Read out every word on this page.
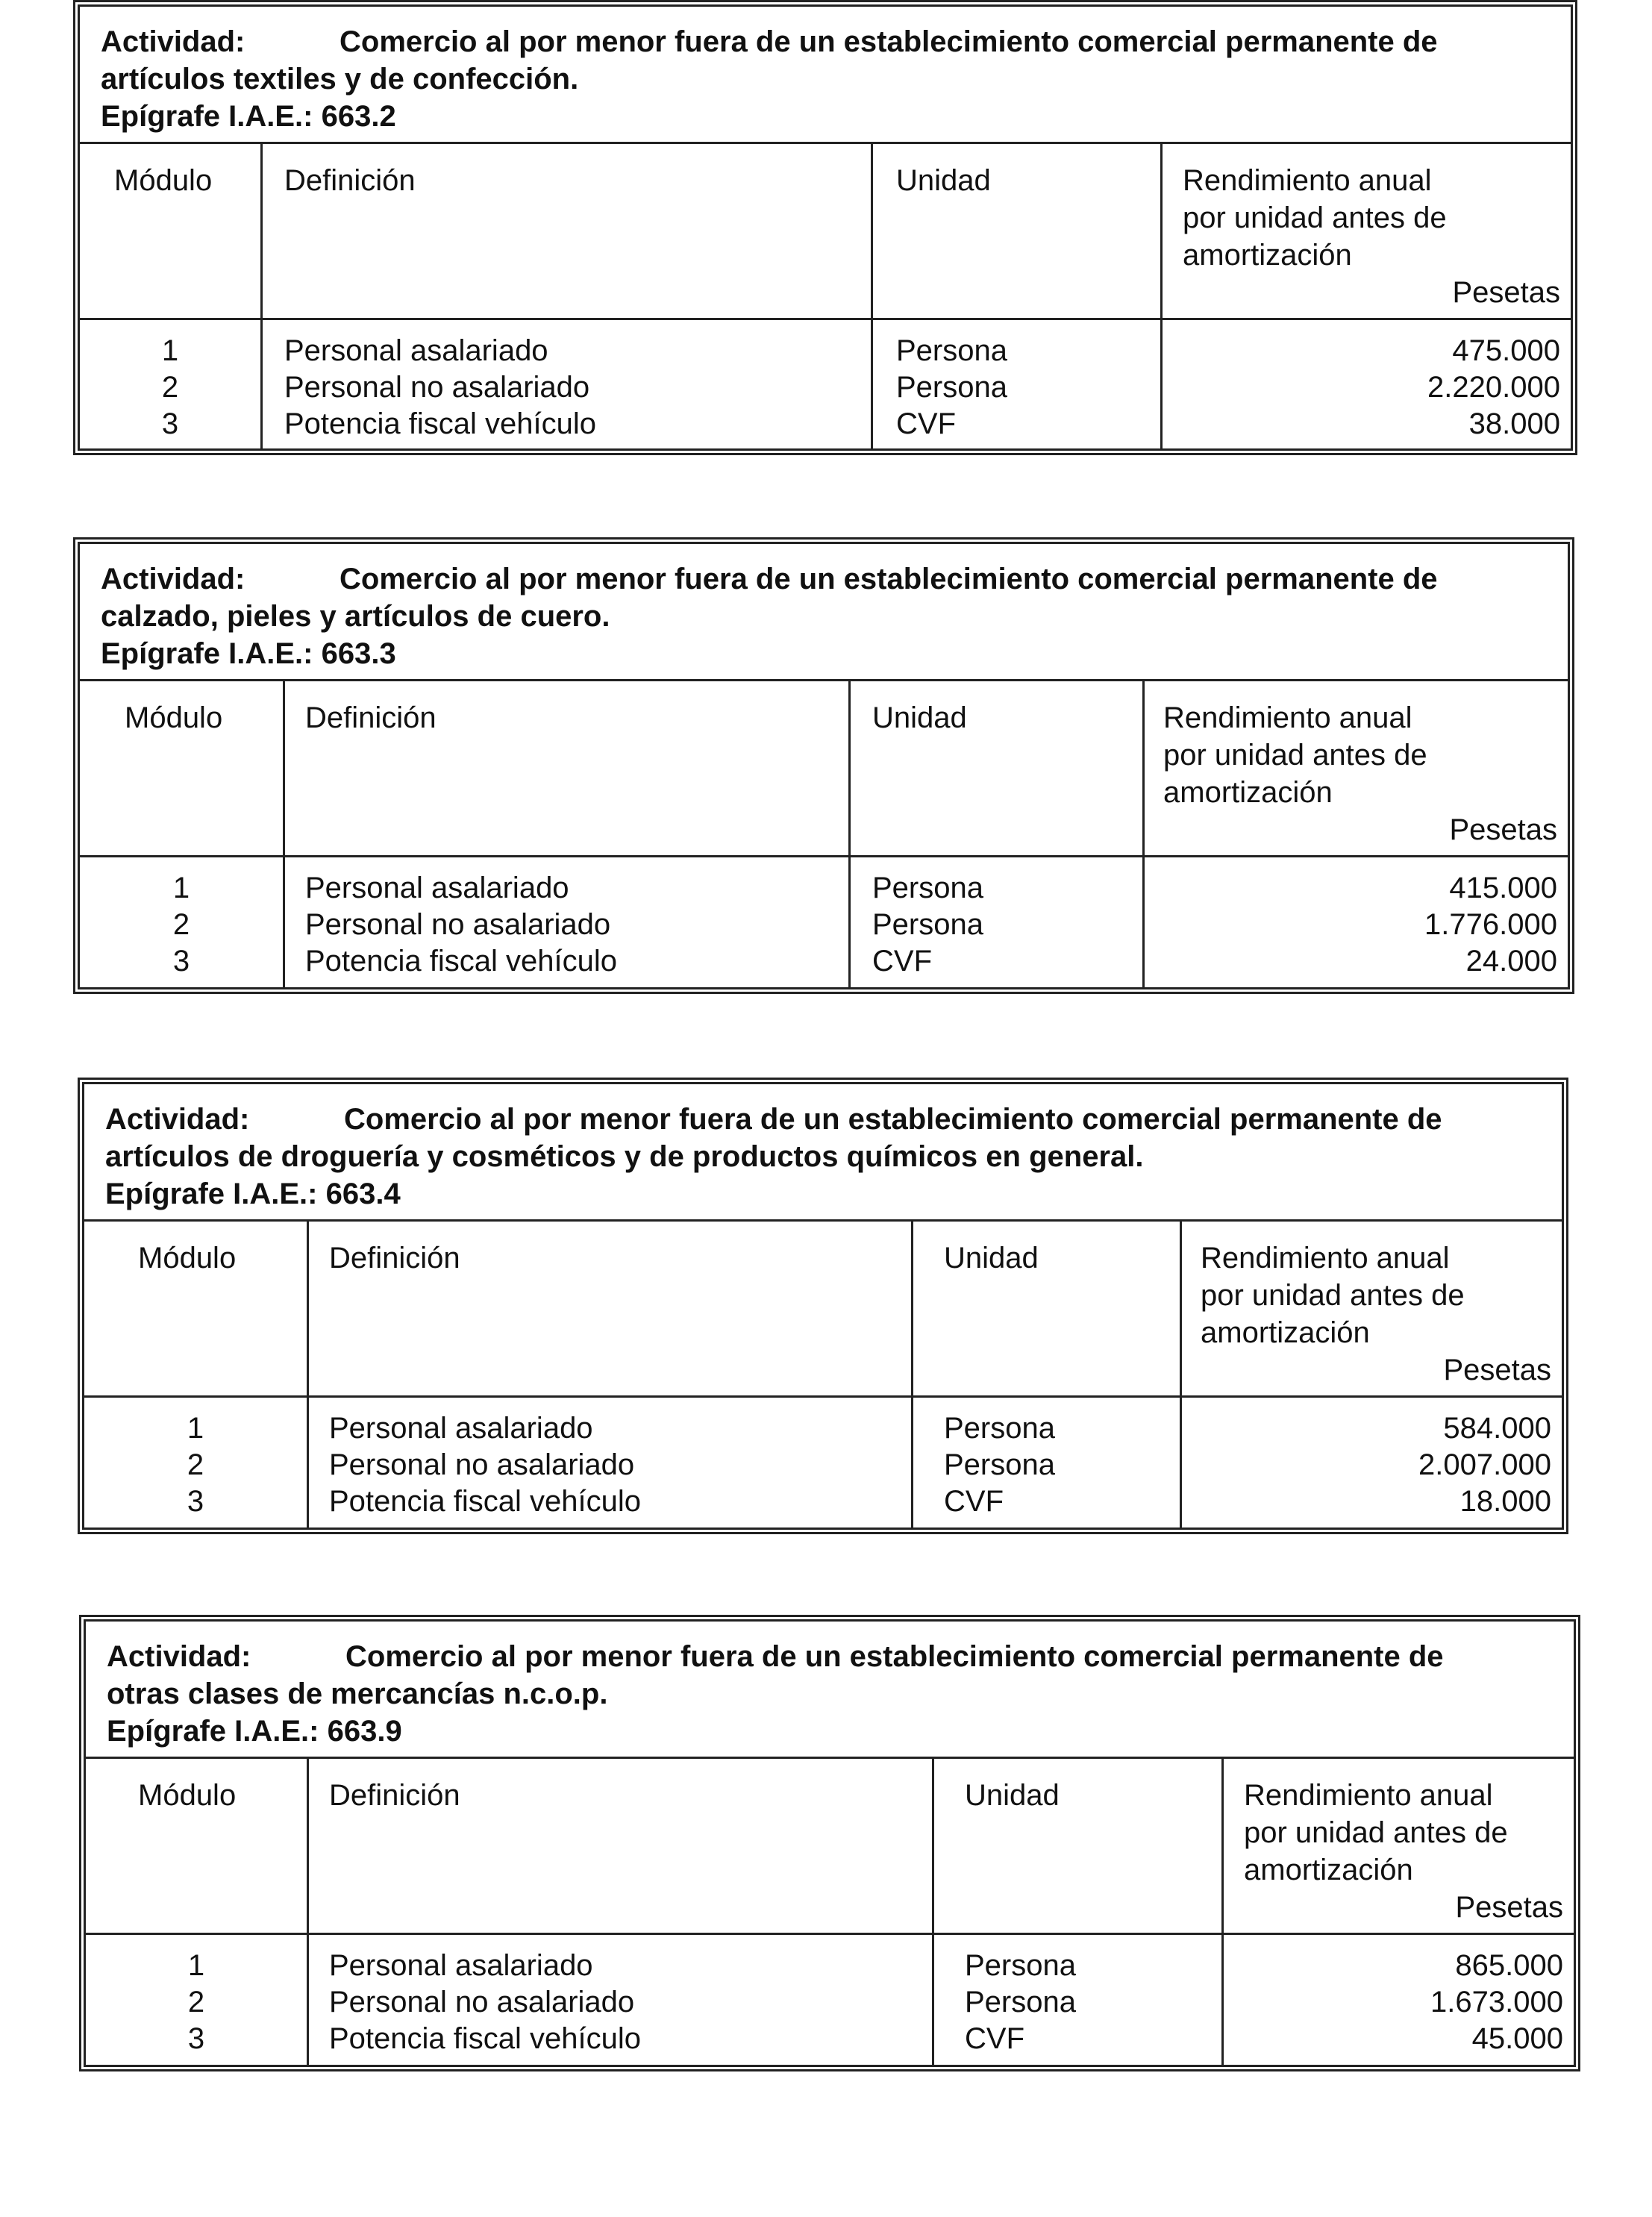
Actividad:	Comercio al por menor fuera de un establecimiento comercial permanente de
artículos textiles y de confección.
Epígrafe I.A.E.: 663.2
Módulo Definición	Unidad	Rendimiento anual
por unidad antes de
amortización
Pesetas
1	Personal asalariado	Persona	475.000
2	Personal no asalariado	Persona	2.220.000
3	Potencia fiscal vehículo	CVF	38.000
Actividad:	Comercio al por menor fuera de un establecimiento comercial permanente de
calzado, pieles y artículos de cuero.
Epígrafe I.A.E.: 663.3
Módulo	Definición	Unidad	Rendimiento anual
por unidad antes de
amortización
Pesetas
1	Personal asalariado	Persona	415.000
2	Personal no asalariado	Persona	1.776.000
3	Potencia fiscal vehículo	CVF	24.000
Actividad:	Comercio al por menor fuera de un establecimiento comercial permanente de
artículos de droguería y cosméticos y de productos químicos en general.
Epígrafe I.A.E.: 663.4
Módulo	Definición	Unidad	Rendimiento anual
por unidad antes de
amortización
Pesetas
1	Personal asalariado	Persona	584.000
2	Personal no asalariado	Persona	2.007.000
3	Potencia fiscal vehículo	CVF	18.000
Actividad:	Comercio al por menor fuera de un establecimiento comercial permanente de
otras clases de mercancías n.c.o.p.
Epígrafe I.A.E.: 663.9
Módulo	Definición	Unidad	Rendimiento anual
por unidad antes de
amortización
Pesetas
1	Personal asalariado	Persona	865.000
2	Personal no asalariado	Persona	1.673.000
3	Potencia fiscal vehículo	CVF	45.000
